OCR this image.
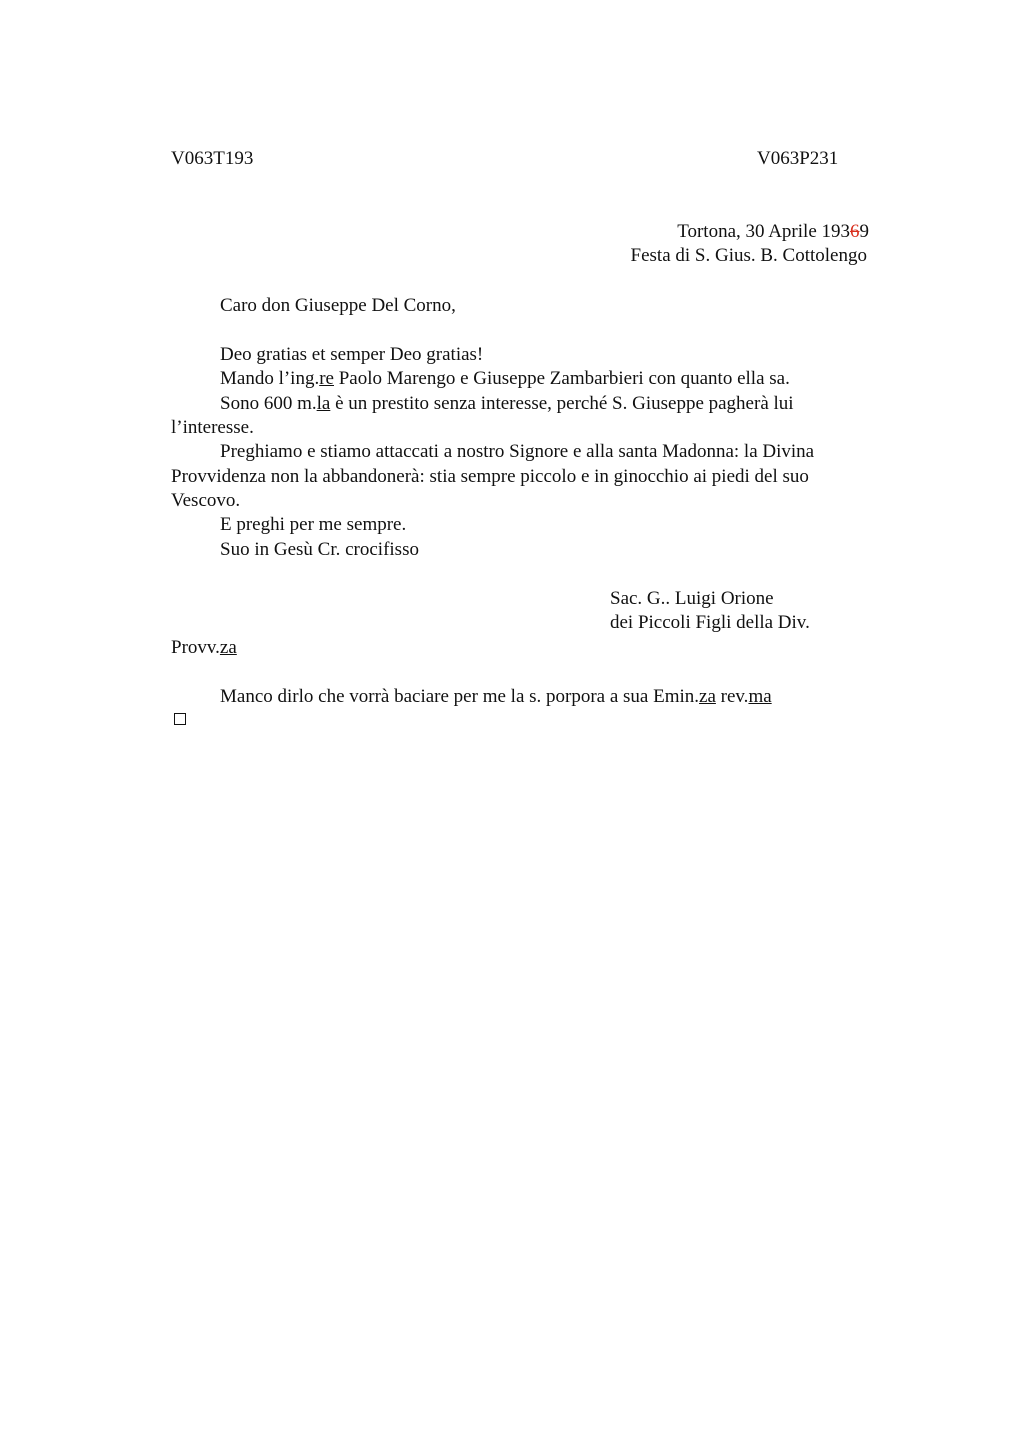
V063T193	V063P231
Tortona, 30 Aprile 19369
Festa di S. Gius. B. Cottolengo
Caro don Giuseppe Del Corno,
Deo gratias et semper Deo gratias!
Mando l’ing.re Paolo Marengo e Giuseppe Zambarbieri con quanto ella sa.
Sono 600 m.la è un prestito senza interesse, perché S. Giuseppe pagherà lui
l’interesse.
Preghiamo e stiamo attaccati a nostro Signore e alla santa Madonna: la Divina
Provvidenza non la abbandonerà: stia sempre piccolo e in ginocchio ai piedi del suo
Vescovo.
E preghi per me sempre.
Suo in Gesù Cr. crocifisso
Sac. G.. Luigi Orione
dei Piccoli Figli della Div.
Provv.za
Manco dirlo che vorrà baciare per me la s. porpora a sua Emin.za rev.ma
